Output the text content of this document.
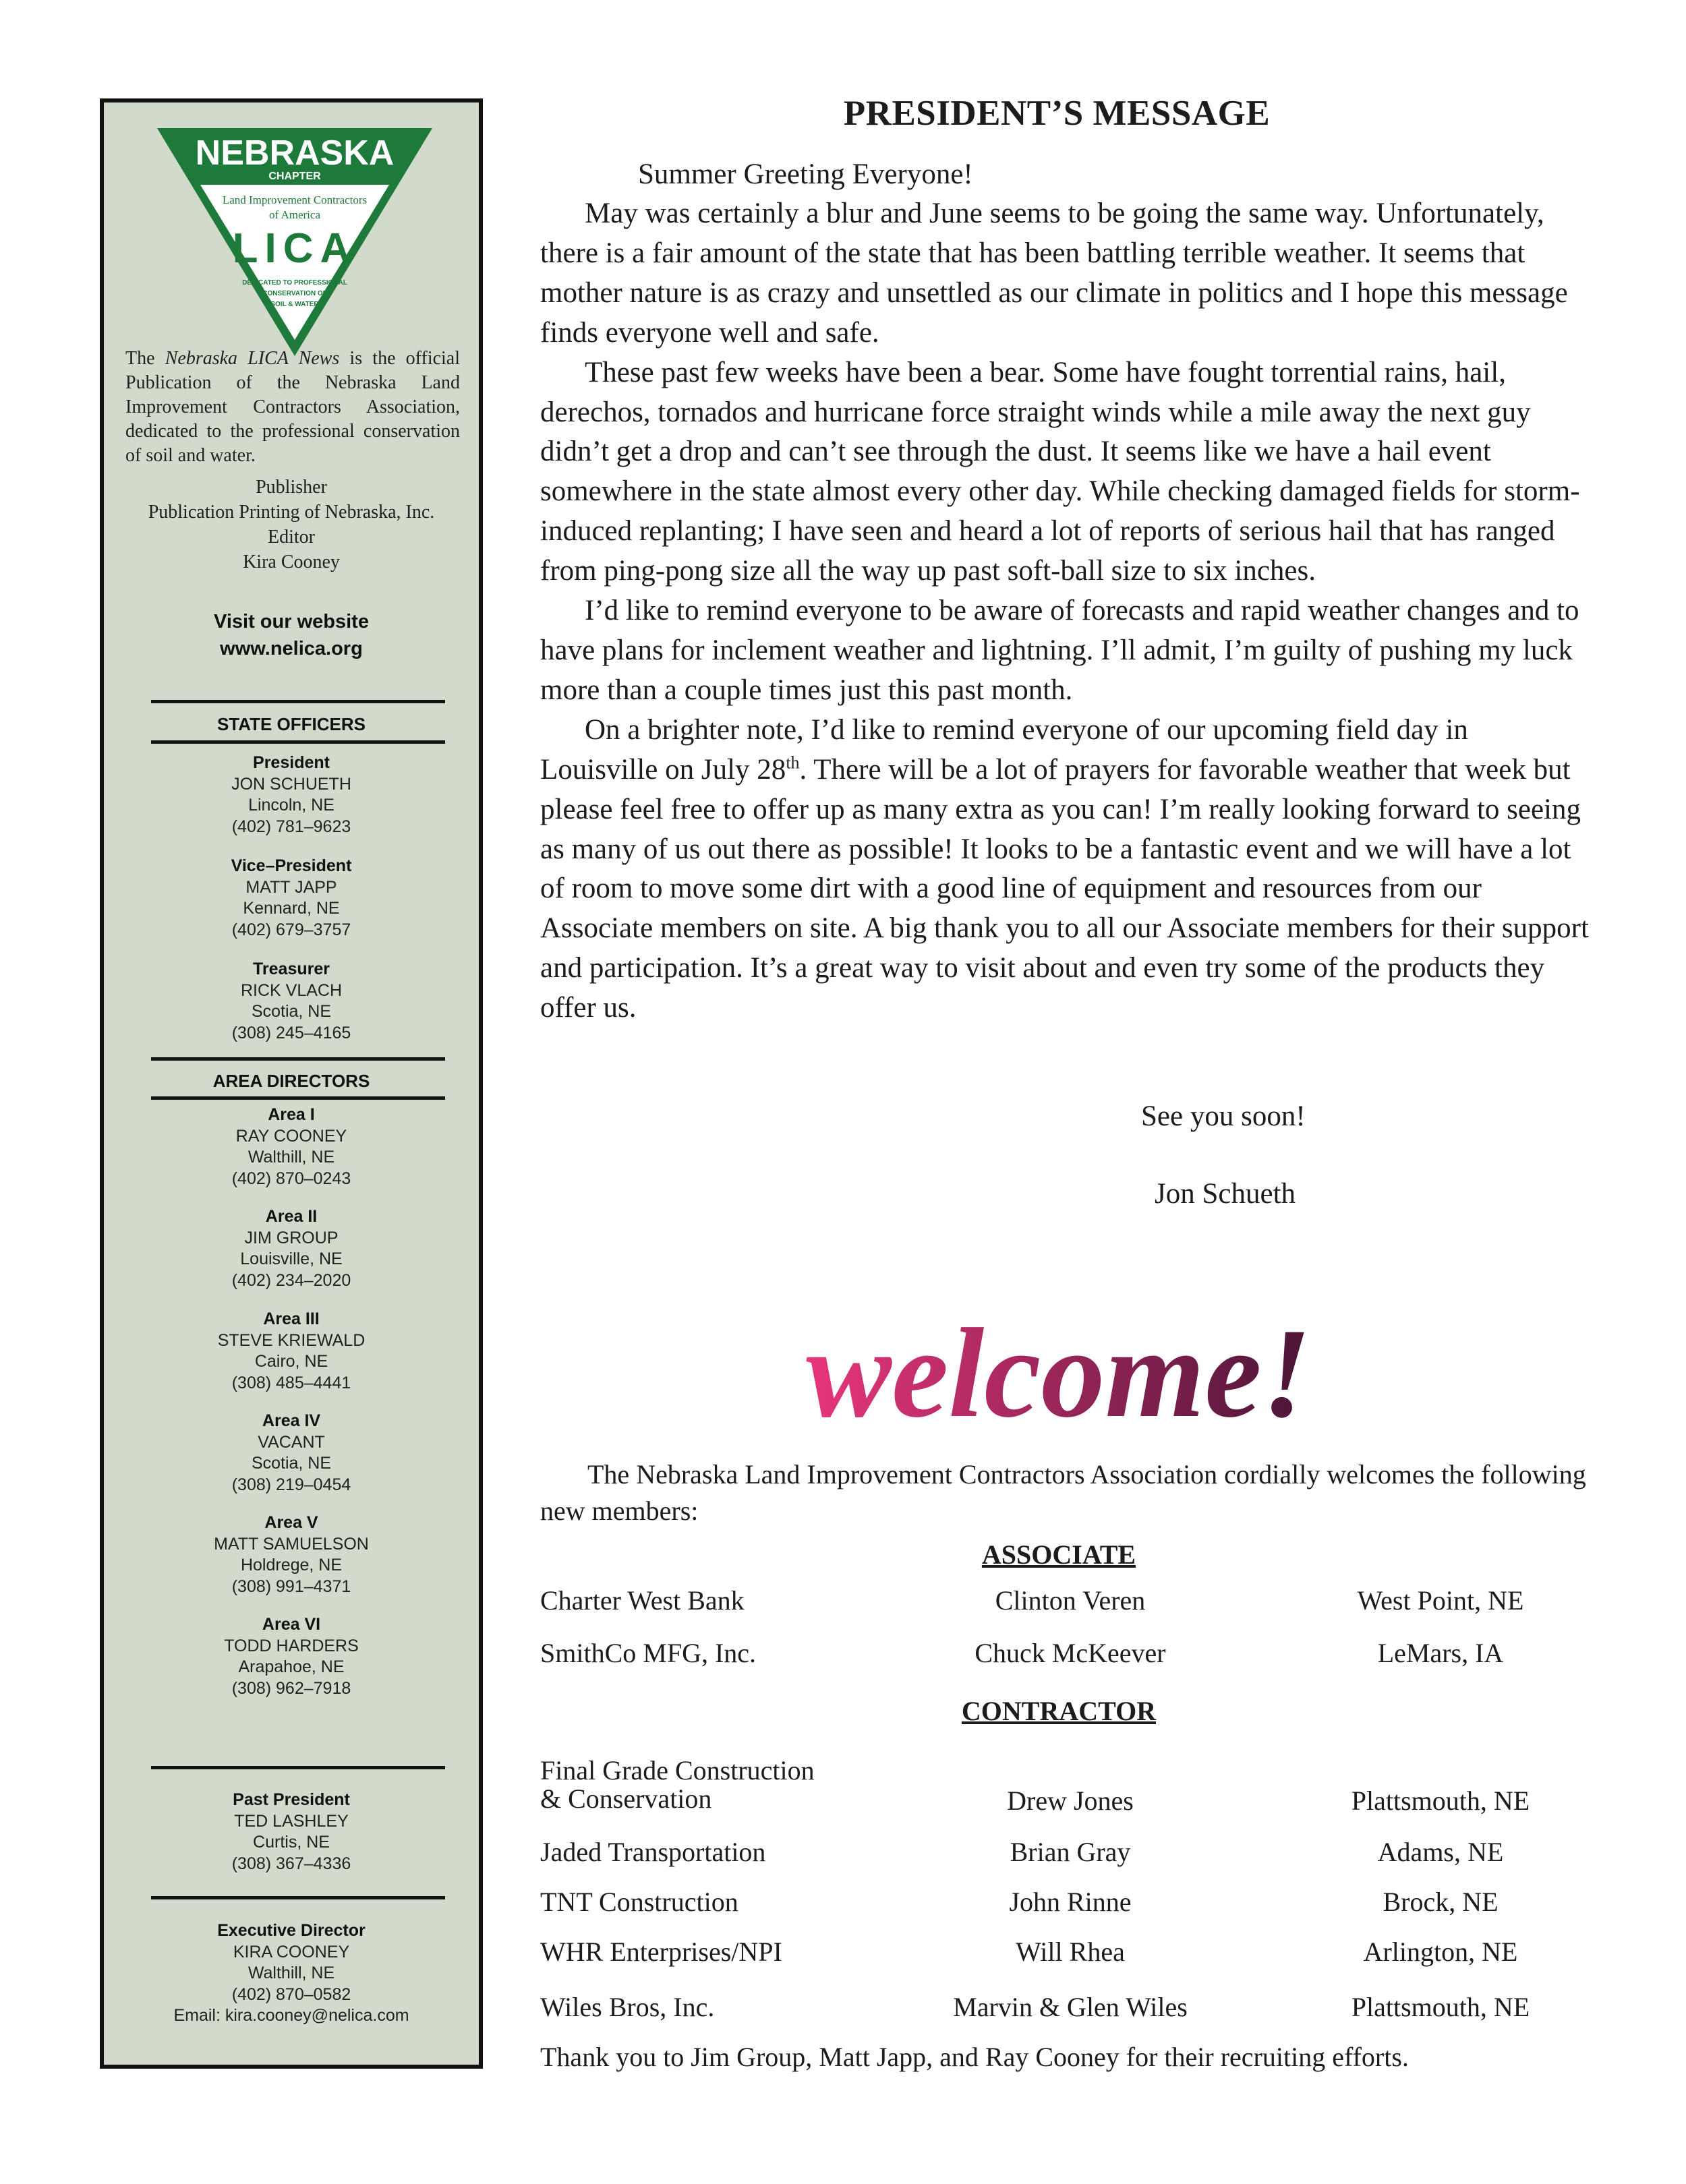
NEBRASKA
CHAPTER
Land Improvement Contractors
of America
LICA
DEDICATED TO PROFESSIONAL
CONSERVATION OF
SOIL & WATER
The Nebraska LICA News is the official Publication of the Nebraska Land Improvement Contractors Association, dedicated to the professional conservation of soil and water.
Publisher
Publication Printing of Nebraska, Inc.
Editor
Kira Cooney
Visit our website
www.nelica.org
STATE OFFICERS
President
JON SCHUETH
Lincoln, NE
(402) 781–9623
Vice–President
MATT JAPP
Kennard, NE
(402) 679–3757
Treasurer
RICK VLACH
Scotia, NE
(308) 245–4165
AREA DIRECTORS
Area I
RAY COONEY
Walthill, NE
(402) 870–0243
Area II
JIM GROUP
Louisville, NE
(402) 234–2020
Area III
STEVE KRIEWALD
Cairo, NE
(308) 485–4441
Area IV
VACANT
Scotia, NE
(308) 219–0454
Area V
MATT SAMUELSON
Holdrege, NE
(308) 991–4371
Area VI
TODD HARDERS
Arapahoe, NE
(308) 962–7918
Past President
TED LASHLEY
Curtis, NE
(308) 367–4336
Executive Director
KIRA COONEY
Walthill, NE
(402) 870–0582
Email: kira.cooney@nelica.com
PRESIDENT’S MESSAGE
Summer Greeting Everyone!

May was certainly a blur and June seems to be going the same way. Unfortunately, there is a fair amount of the state that has been battling terrible weather. It seems that mother nature is as crazy and unsettled as our climate in politics and I hope this message finds everyone well and safe.

These past few weeks have been a bear. Some have fought torrential rains, hail, derechos, tornados and hurricane force straight winds while a mile away the next guy didn’t get a drop and can’t see through the dust. It seems like we have a hail event somewhere in the state almost every other day. While checking damaged fields for storm-induced replanting; I have seen and heard a lot of reports of serious hail that has ranged from ping-pong size all the way up past soft-ball size to six inches.

I’d like to remind everyone to be aware of forecasts and rapid weather changes and to have plans for inclement weather and lightning. I’ll admit, I’m guilty of pushing my luck more than a couple times just this past month.

On a brighter note, I’d like to remind everyone of our upcoming field day in Louisville on July 28th. There will be a lot of prayers for favorable weather that week but please feel free to offer up as many extra as you can! I’m really looking forward to seeing as many of us out there as possible! It looks to be a fantastic event and we will have a lot of room to move some dirt with a good line of equipment and resources from our Associate members on site. A big thank you to all our Associate members for their support and participation. It’s a great way to visit about and even try some of the products they offer us.

See you soon!
Jon Schueth
welcome!

The Nebraska Land Improvement Contractors Association cordially welcomes the following new members:

ASSOCIATE
Charter West Bank	Clinton Veren	West Point, NE
SmithCo MFG, Inc.	Chuck McKeever	LeMars, IA
CONTRACTOR
Final Grade Construction
& Conservation	Drew Jones	Plattsmouth, NE
Jaded Transportation	Brian Gray	Adams, NE
TNT Construction	John Rinne	Brock, NE
WHR Enterprises/NPI	Will Rhea	Arlington, NE
Wiles Bros, Inc.	Marvin & Glen Wiles	Plattsmouth, NE
Thank you to Jim Group, Matt Japp, and Ray Cooney for their recruiting efforts.
